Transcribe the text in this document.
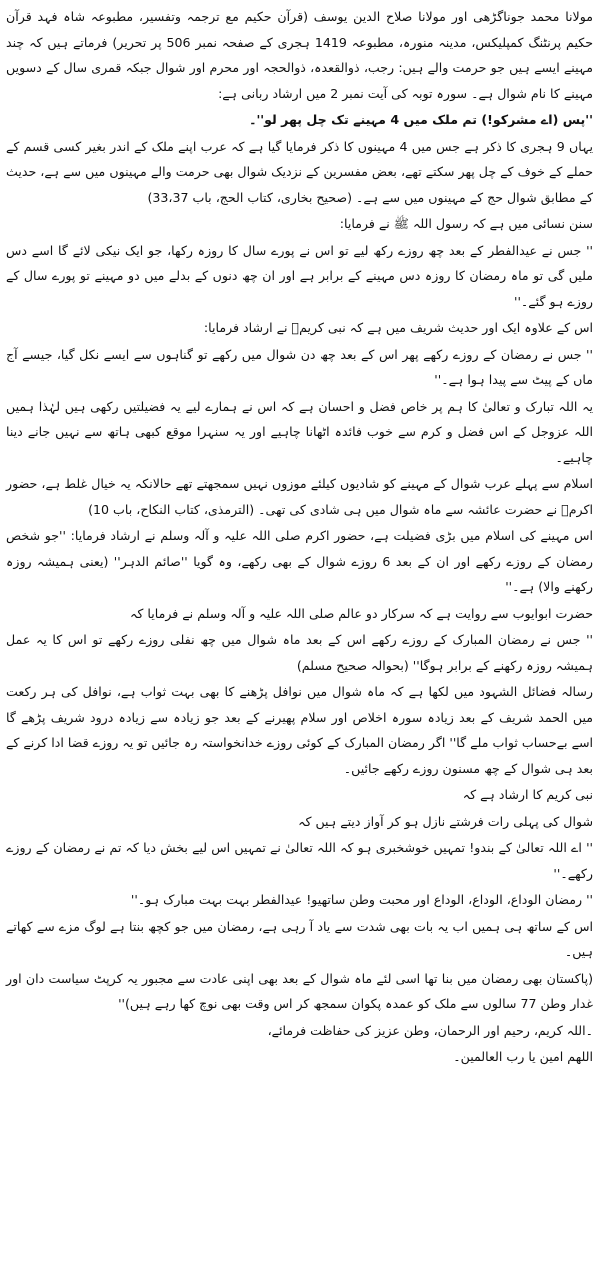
مولانا محمد جوناگڑھی اور مولانا صلاح الدین یوسف (قرآن حکیم مع ترجمہ وتفسیر، مطبوعہ شاہ فہد قرآن حکیم پرنٹنگ کمپلیکس، مدینہ منورہ، مطبوعہ 1419 ہجری کے صفحہ نمبر 506 پر تحریر) فرماتے ہیں کہ چند مہینے ایسے ہیں جو حرمت والے ہیں: رجب، ذوالقعدہ، ذوالحجہ اور محرم اور شوال جبکہ قمری سال کے دسویں مہینے کا نام شوال ہے۔ سورہ توبہ کی آیت نمبر 2 میں ارشاد ربانی ہے:

''پس (اے مشرکو!) تم ملک میں 4 مہینے تک چل پھر لو''۔

یہاں 9 ہجری کا ذکر ہے جس میں 4 مہینوں کا ذکر فرمایا گیا ہے کہ عرب اپنے ملک کے اندر بغیر کسی قسم کے حملے کے خوف کے چل پھر سکتے تھے، بعض مفسرین کے نزدیک شوال بھی حرمت والے مہینوں میں سے ہے، حدیث کے مطابق شوال حج کے مہینوں میں سے ہے۔ (صحیح بخاری، کتاب الحج، باب 33،37)

سنن نسائی میں ہے کہ رسول اللہ ﷺ نے فرمایا:

'' جس نے عیدالفطر کے بعد چھ روزے رکھ لیے تو اس نے پورے سال کا روزہ رکھا، جو ایک نیکی لائے گا اسے دس ملیں گی تو ماہ رمضان کا روزہ دس مہینے کے برابر ہے اور ان چھ دنوں کے بدلے میں دو مہینے تو پورے سال کے روزے ہو گئے۔''

اس کے علاوہ ایک اور حدیث شریف میں ہے کہ نبی کریمؐ نے ارشاد فرمایا:

'' جس نے رمضان کے روزے رکھے پھر اس کے بعد چھ دن شوال میں رکھے تو گناہوں سے ایسے نکل گیا، جیسے آج ماں کے پیٹ سے پیدا ہوا ہے۔''

یہ اللہ تبارک و تعالیٰ کا ہم پر خاص فضل و احسان ہے کہ اس نے ہمارے لیے یہ فضیلتیں رکھی ہیں لہٰذا ہمیں اللہ عزوجل کے اس فضل و کرم سے خوب فائدہ اٹھانا چاہیے اور یہ سنہرا موقع کبھی ہاتھ سے نہیں جانے دینا چاہیے۔

اسلام سے پہلے عرب شوال کے مہینے کو شادیوں کیلئے موزوں نہیں سمجھتے تھے حالانکہ یہ خیال غلط ہے، حضور اکرمؐ نے حضرت عائشہ سے ماہ شوال میں ہی شادی کی تھی۔ (الترمذی، کتاب النکاح، باب 10)

اس مہینے کی اسلام میں بڑی فضیلت ہے، حضور اکرم صلی اللہ علیہ و آلہ وسلم نے ارشاد فرمایا: ''جو شخص رمضان کے روزے رکھے اور ان کے بعد 6 روزے شوال کے بھی رکھے، وہ گویا ''صائم الدہر'' (یعنی ہمیشہ روزہ رکھنے والا) ہے۔''

حضرت ابوایوب سے روایت ہے کہ سرکار دو عالم صلی اللہ علیہ و آلہ وسلم نے فرمایا کہ

'' جس نے رمضان المبارک کے روزے رکھے اس کے بعد ماہ شوال میں چھ نفلی روزے رکھے تو اس کا یہ عمل ہمیشہ روزہ رکھنے کے برابر ہوگا'' (بحوالہ صحیح مسلم)

رسالہ فضائل الشہود میں لکھا ہے کہ ماہ شوال میں نوافل پڑھنے کا بھی بہت ثواب ہے، نوافل کی ہر رکعت میں الحمد شریف کے بعد زیادہ سورہ اخلاص اور سلام پھیرنے کے بعد جو زیادہ سے زیادہ درود شریف پڑھے گا اسے بےحساب ثواب ملے گا'' اگر رمضان المبارک کے کوئی روزے خدانخواستہ رہ جائیں تو یہ روزے قضا ادا کرنے کے بعد ہی شوال کے چھ مسنون روزے رکھے جائیں۔

نبی کریم کا ارشاد ہے کہ

شوال کی پہلی رات فرشتے نازل ہو کر آواز دیتے ہیں کہ

'' اے اللہ تعالیٰ کے بندو! تمہیں خوشخبری ہو کہ اللہ تعالیٰ نے تمہیں اس لیے بخش دیا کہ تم نے رمضان کے روزے رکھے۔''

'' رمضان الوداع، الوداع، الوداع اور محبت وطن ساتھیو! عیدالفطر بہت بہت مبارک ہو۔''

اس کے ساتھ ہی ہمیں اب یہ بات بھی شدت سے یاد آ رہی ہے، رمضان میں جو کچھ بنتا ہے لوگ مزے سے کھاتے ہیں۔

(پاکستان بھی رمضان میں بنا تھا اسی لئے ماہ شوال کے بعد بھی اپنی عادت سے مجبور یہ کرپٹ سیاست دان اور غدار وطن 77 سالوں سے ملک کو عمدہ پکوان سمجھ کر اس وقت بھی نوچ کھا رہے ہیں)''

۔اللہ کریم، رحیم اور الرحمان، وطن عزیز کی حفاظت فرمائے،

اللھم امین یا رب العالمین۔
